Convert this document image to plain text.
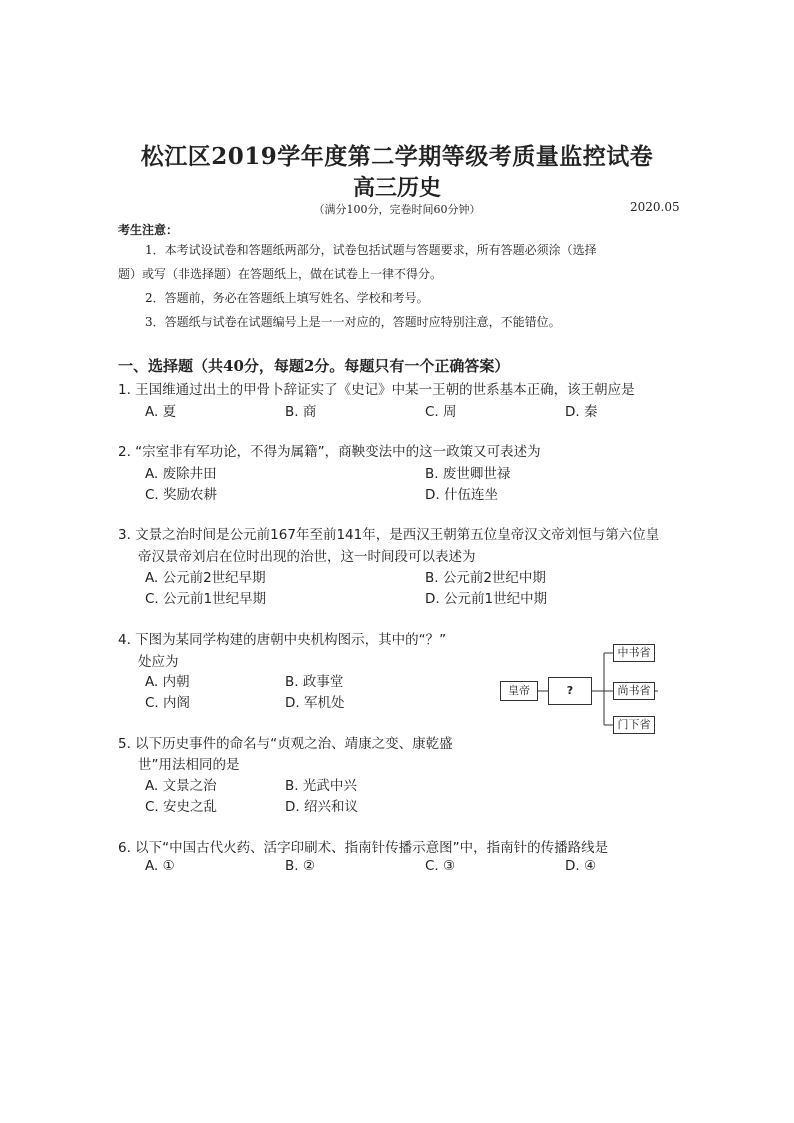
松江区2019学年度第二学期等级考质量监控试卷
高三历史
（满分100分，完卷时间60分钟）	2020.05
考生注意：
1．本考试设试卷和答题纸两部分，试卷包括试题与答题要求，所有答题必须涂（选择
题）或写（非选择题）在答题纸上，做在试卷上一律不得分。
2．答题前，务必在答题纸上填写姓名、学校和考号。
3．答题纸与试卷在试题编号上是一一对应的，答题时应特别注意，不能错位。
一、选择题（共40分，每题2分。每题只有一个正确答案）
1. 王国维通过出土的甲骨卜辞证实了《史记》中某一王朝的世系基本正确，该王朝应是
A. 夏	B. 商	C. 周	D. 秦
2. “宗室非有军功论，不得为属籍”，商鞅变法中的这一政策又可表述为
A. 废除井田	B. 废世卿世禄
C. 奖励农耕	D. 什伍连坐
3. 文景之治时间是公元前167年至前141年，是西汉王朝第五位皇帝汉文帝刘恒与第六位皇
帝汉景帝刘启在位时出现的治世，这一时间段可以表述为
A. 公元前2世纪早期	B. 公元前2世纪中期
C. 公元前1世纪早期	D. 公元前1世纪中期
4. 下图为某同学构建的唐朝中央机构图示，其中的“？”
处应为
A. 内朝	B. 政事堂
C. 内阁	D. 军机处
皇帝	?
中书省
尚书省
门下省
5. 以下历史事件的命名与“贞观之治、靖康之变、康乾盛
世”用法相同的是
A. 文景之治	B. 光武中兴
C. 安史之乱	D. 绍兴和议
6. 以下“中国古代火药、活字印刷术、指南针传播示意图”中，指南针的传播路线是
A. ①	B. ②	C. ③	D. ④
